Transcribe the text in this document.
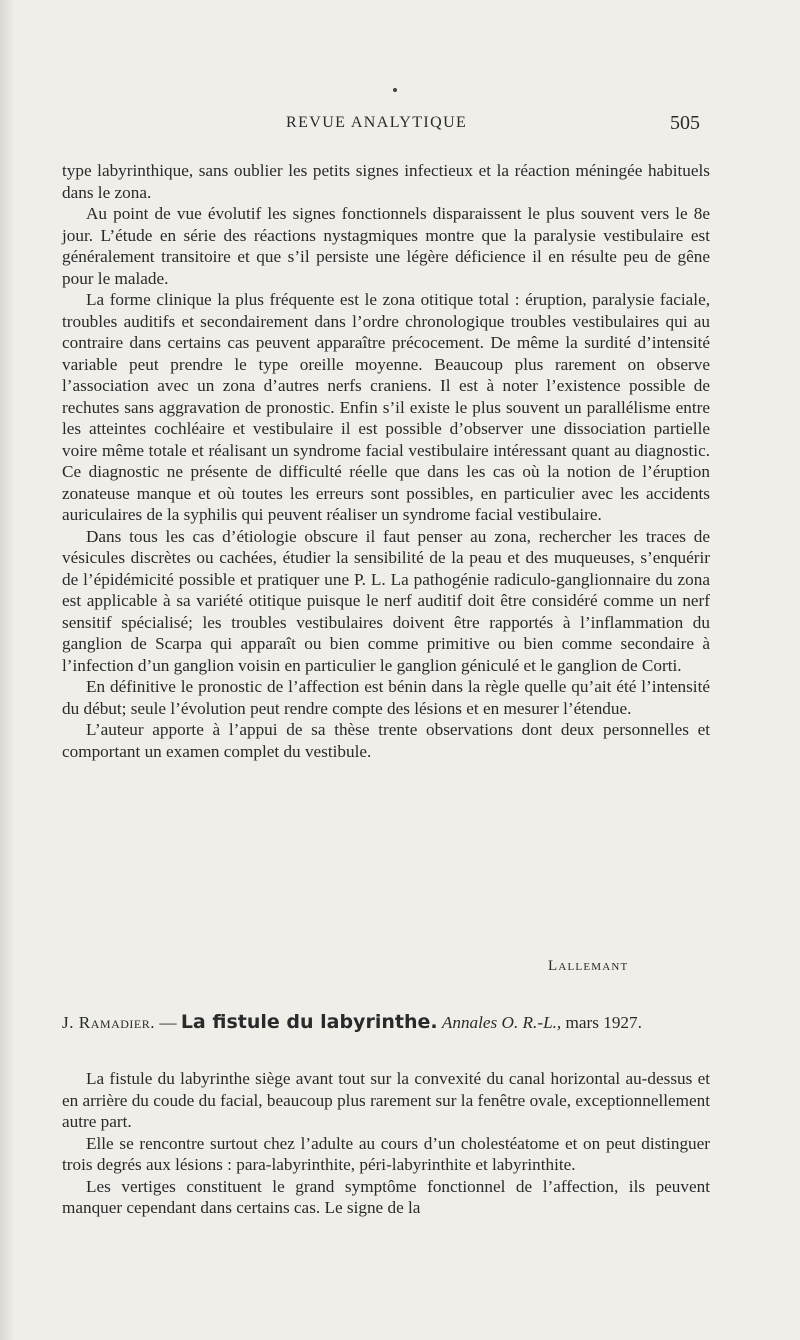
REVUE ANALYTIQUE	505

type labyrinthique, sans oublier les petits signes infectieux et la réaction méningée habituels dans le zona.

Au point de vue évolutif les signes fonctionnels disparaissent le plus souvent vers le 8e jour. L’étude en série des réactions nystagmiques montre que la paralysie vestibulaire est généralement transitoire et que s’il persiste une légère déficience il en résulte peu de gêne pour le malade.

La forme clinique la plus fréquente est le zona otitique total : éruption, paralysie faciale, troubles auditifs et secondairement dans l’ordre chronologique troubles vestibulaires qui au contraire dans certains cas peuvent apparaître précocement. De même la surdité d’intensité variable peut prendre le type oreille moyenne. Beaucoup plus rarement on observe l’association avec un zona d’autres nerfs craniens. Il est à noter l’existence possible de rechutes sans aggravation de pronostic. Enfin s’il existe le plus souvent un parallélisme entre les atteintes cochléaire et vestibulaire il est possible d’observer une dissociation partielle voire même totale et réalisant un syndrome facial vestibulaire intéressant quant au diagnostic. Ce diagnostic ne présente de difficulté réelle que dans les cas où la notion de l’éruption zonateuse manque et où toutes les erreurs sont possibles, en particulier avec les accidents auriculaires de la syphilis qui peuvent réaliser un syndrome facial vestibulaire.

Dans tous les cas d’étiologie obscure il faut penser au zona, rechercher les traces de vésicules discrètes ou cachées, étudier la sensibilité de la peau et des muqueuses, s’enquérir de l’épidémicité possible et pratiquer une P. L. La pathogénie radiculo-ganglionnaire du zona est applicable à sa variété otitique puisque le nerf auditif doit être considéré comme un nerf sensitif spécialisé; les troubles vestibulaires doivent être rapportés à l’inflammation du ganglion de Scarpa qui apparaît ou bien comme primitive ou bien comme secondaire à l’infection d’un ganglion voisin en particulier le ganglion géniculé et le ganglion de Corti.

En définitive le pronostic de l’affection est bénin dans la règle quelle qu’ait été l’intensité du début; seule l’évolution peut rendre compte des lésions et en mesurer l’étendue.

L’auteur apporte à l’appui de sa thèse trente observations dont deux personnelles et comportant un examen complet du vestibule.

Lallemant
J. Ramadier. — La fistule du labyrinthe. Annales O. R.-L., mars 1927.

La fistule du labyrinthe siège avant tout sur la convexité du canal horizontal au-dessus et en arrière du coude du facial, beaucoup plus rarement sur la fenêtre ovale, exceptionnellement autre part.

Elle se rencontre surtout chez l’adulte au cours d’un cholestéatome et on peut distinguer trois degrés aux lésions : para-labyrinthite, péri-labyrinthite et labyrinthite.

Les vertiges constituent le grand symptôme fonctionnel de l’affection, ils peuvent manquer cependant dans certains cas. Le signe de la
